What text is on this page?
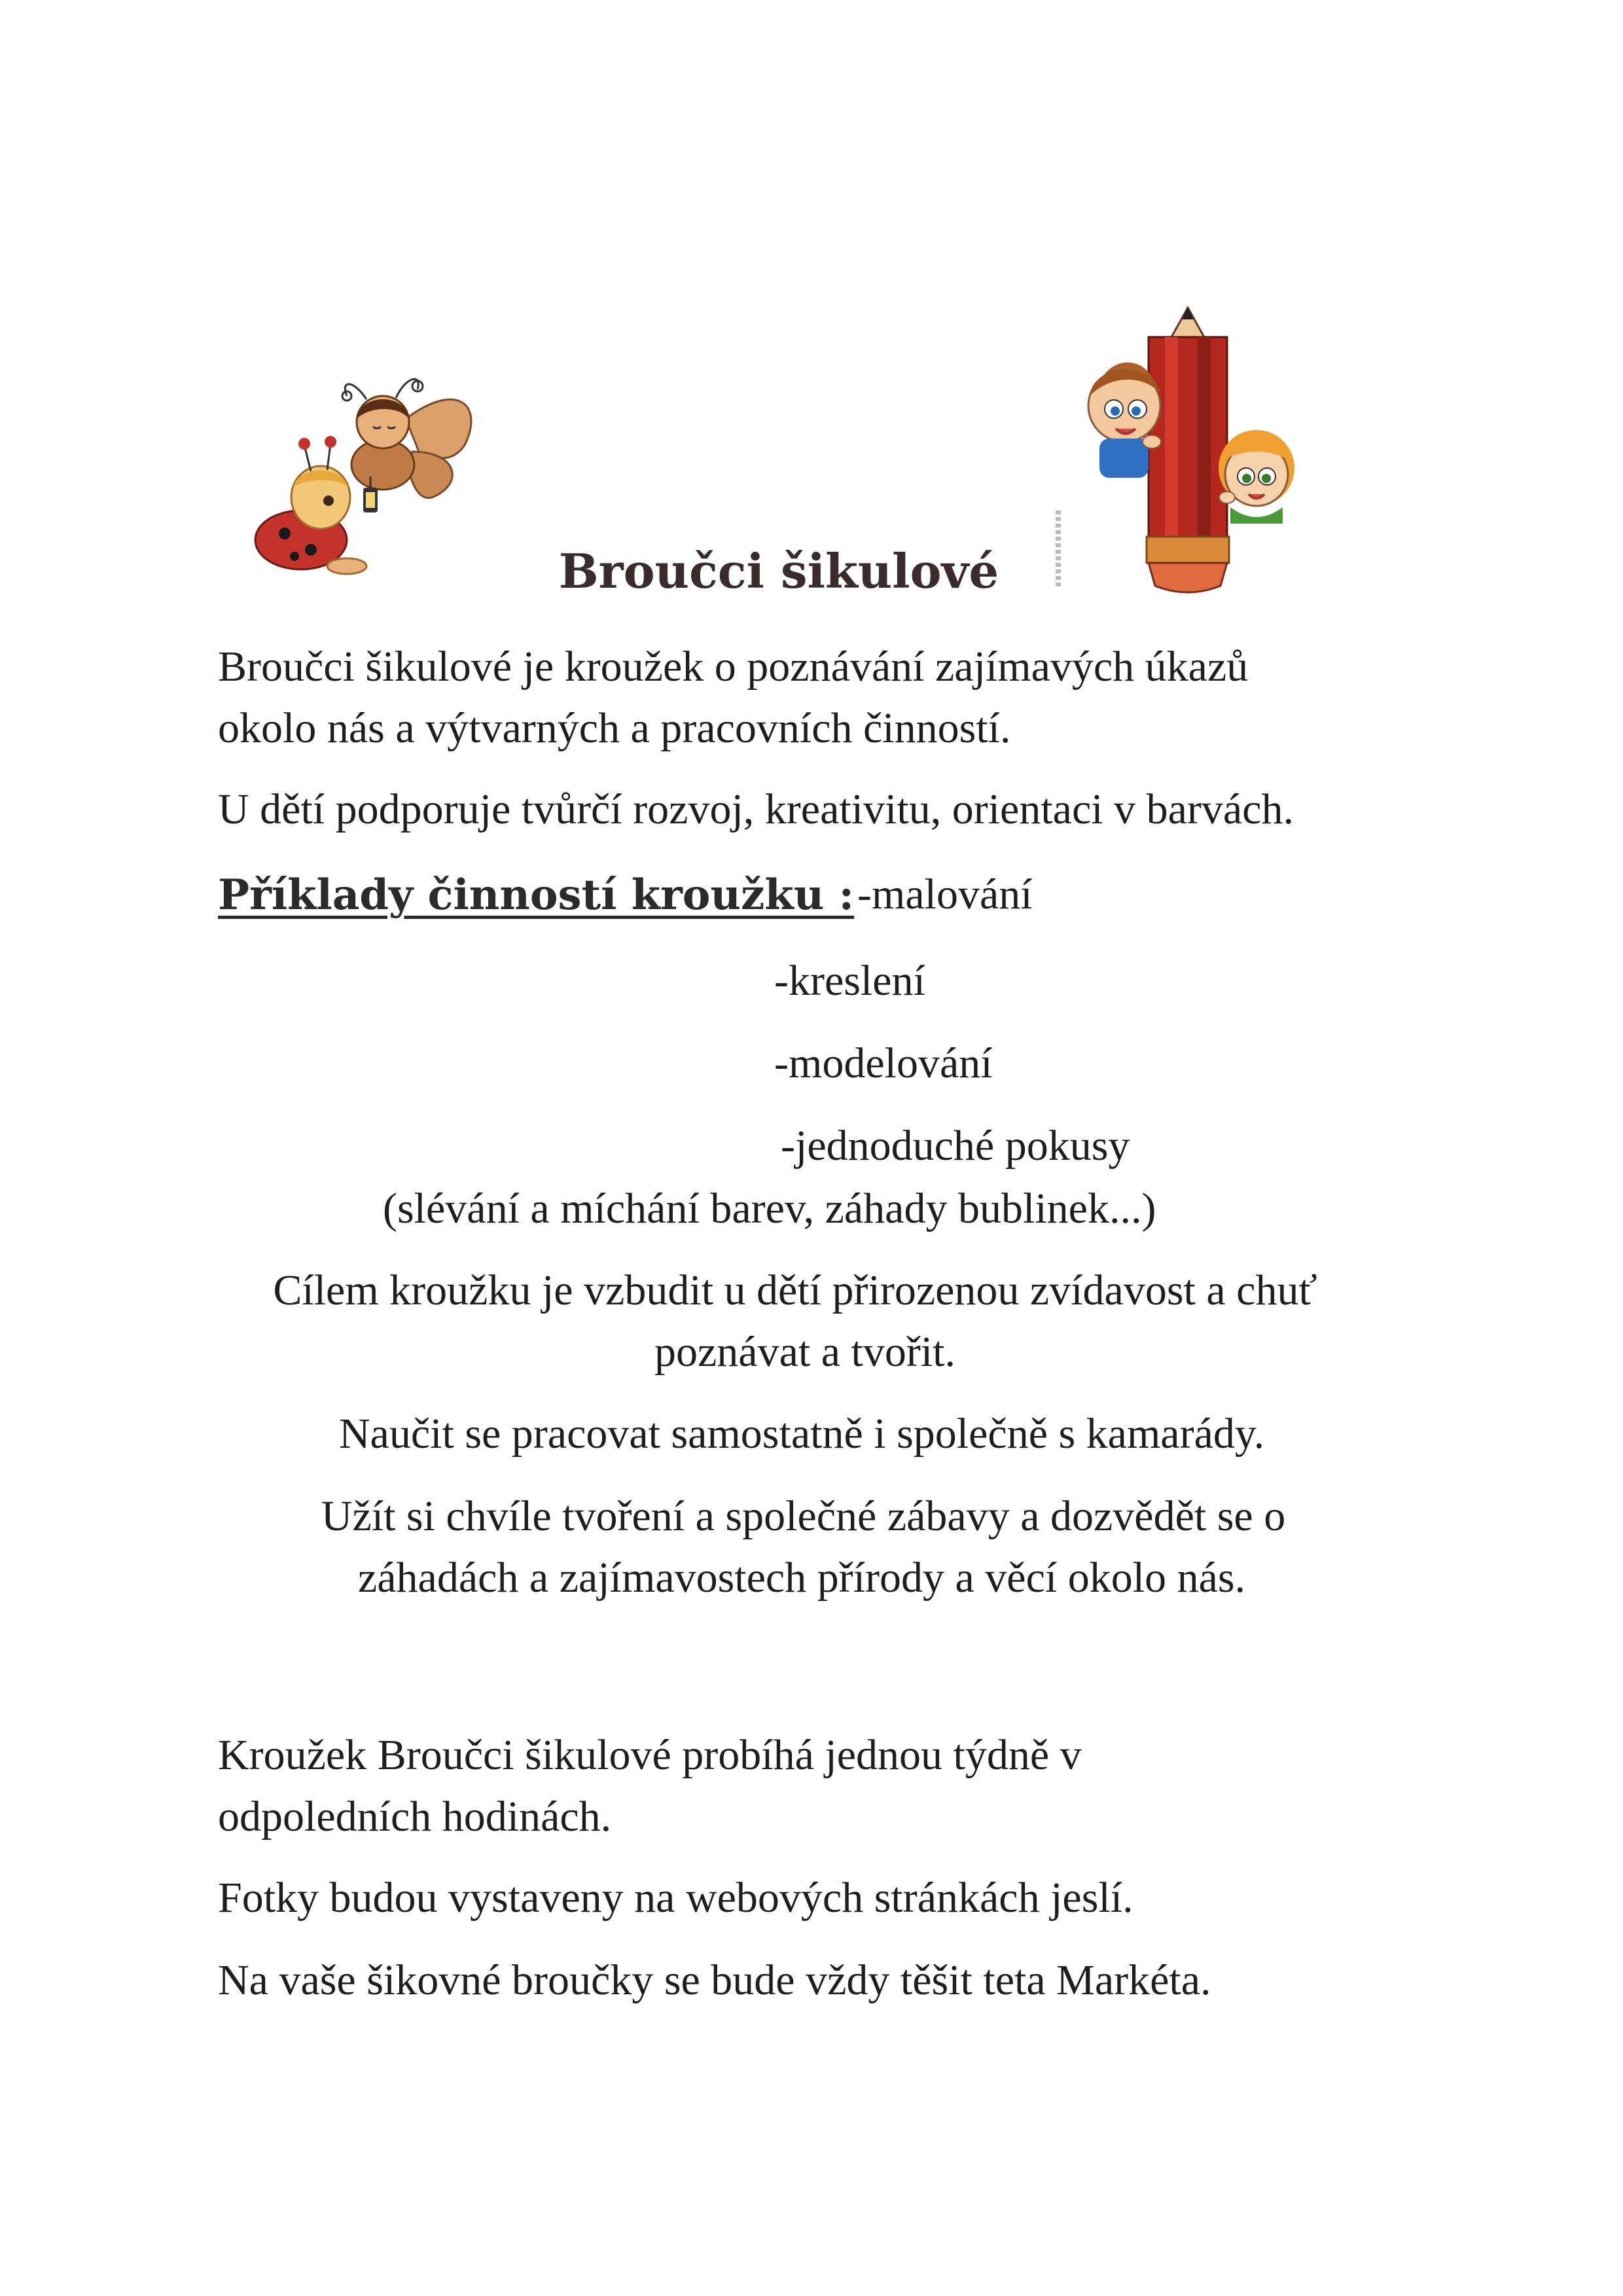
Broučci šikulové
Broučci šikulové je kroužek o poznávání zajímavých úkazů
okolo nás a výtvarných a pracovních činností.
U dětí podporuje tvůrčí rozvoj, kreativitu, orientaci v barvách.
Příklady činností kroužku : -malování
-kreslení
-modelování
-jednoduché pokusy
(slévání a míchání barev, záhady bublinek...)
Cílem kroužku je vzbudit u dětí přirozenou zvídavost a chuť
poznávat a tvořit.
Naučit se pracovat samostatně i společně s kamarády.
Užít si chvíle tvoření a společné zábavy a dozvědět se o
záhadách a zajímavostech přírody a věcí okolo nás.
Kroužek Broučci šikulové probíhá jednou týdně v
odpoledních hodinách.
Fotky budou vystaveny na webových stránkách jeslí.
Na vaše šikovné broučky se bude vždy těšit teta Markéta.
